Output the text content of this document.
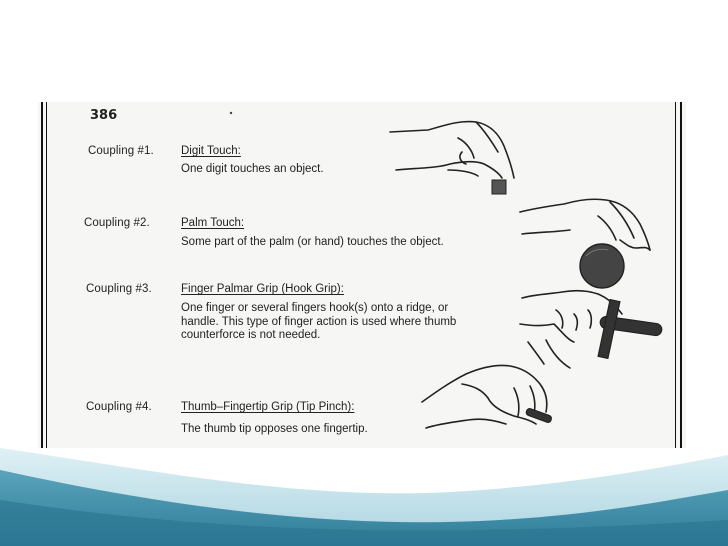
386
Coupling #1. Digit Touch:
One digit touches an object.
Coupling #2.	Palm Touch:
Some part of the palm (or hand) touches the object.
Coupling #3.	Finger Palmar Grip (Hook Grip):
One finger or several fingers hook(s) onto a ridge, or
handle. This type of finger action is used where thumb
counterforce is not needed.
Coupling #4.	Thumb–Fingertip Grip (Tip Pinch):
The thumb tip opposes one fingertip.
